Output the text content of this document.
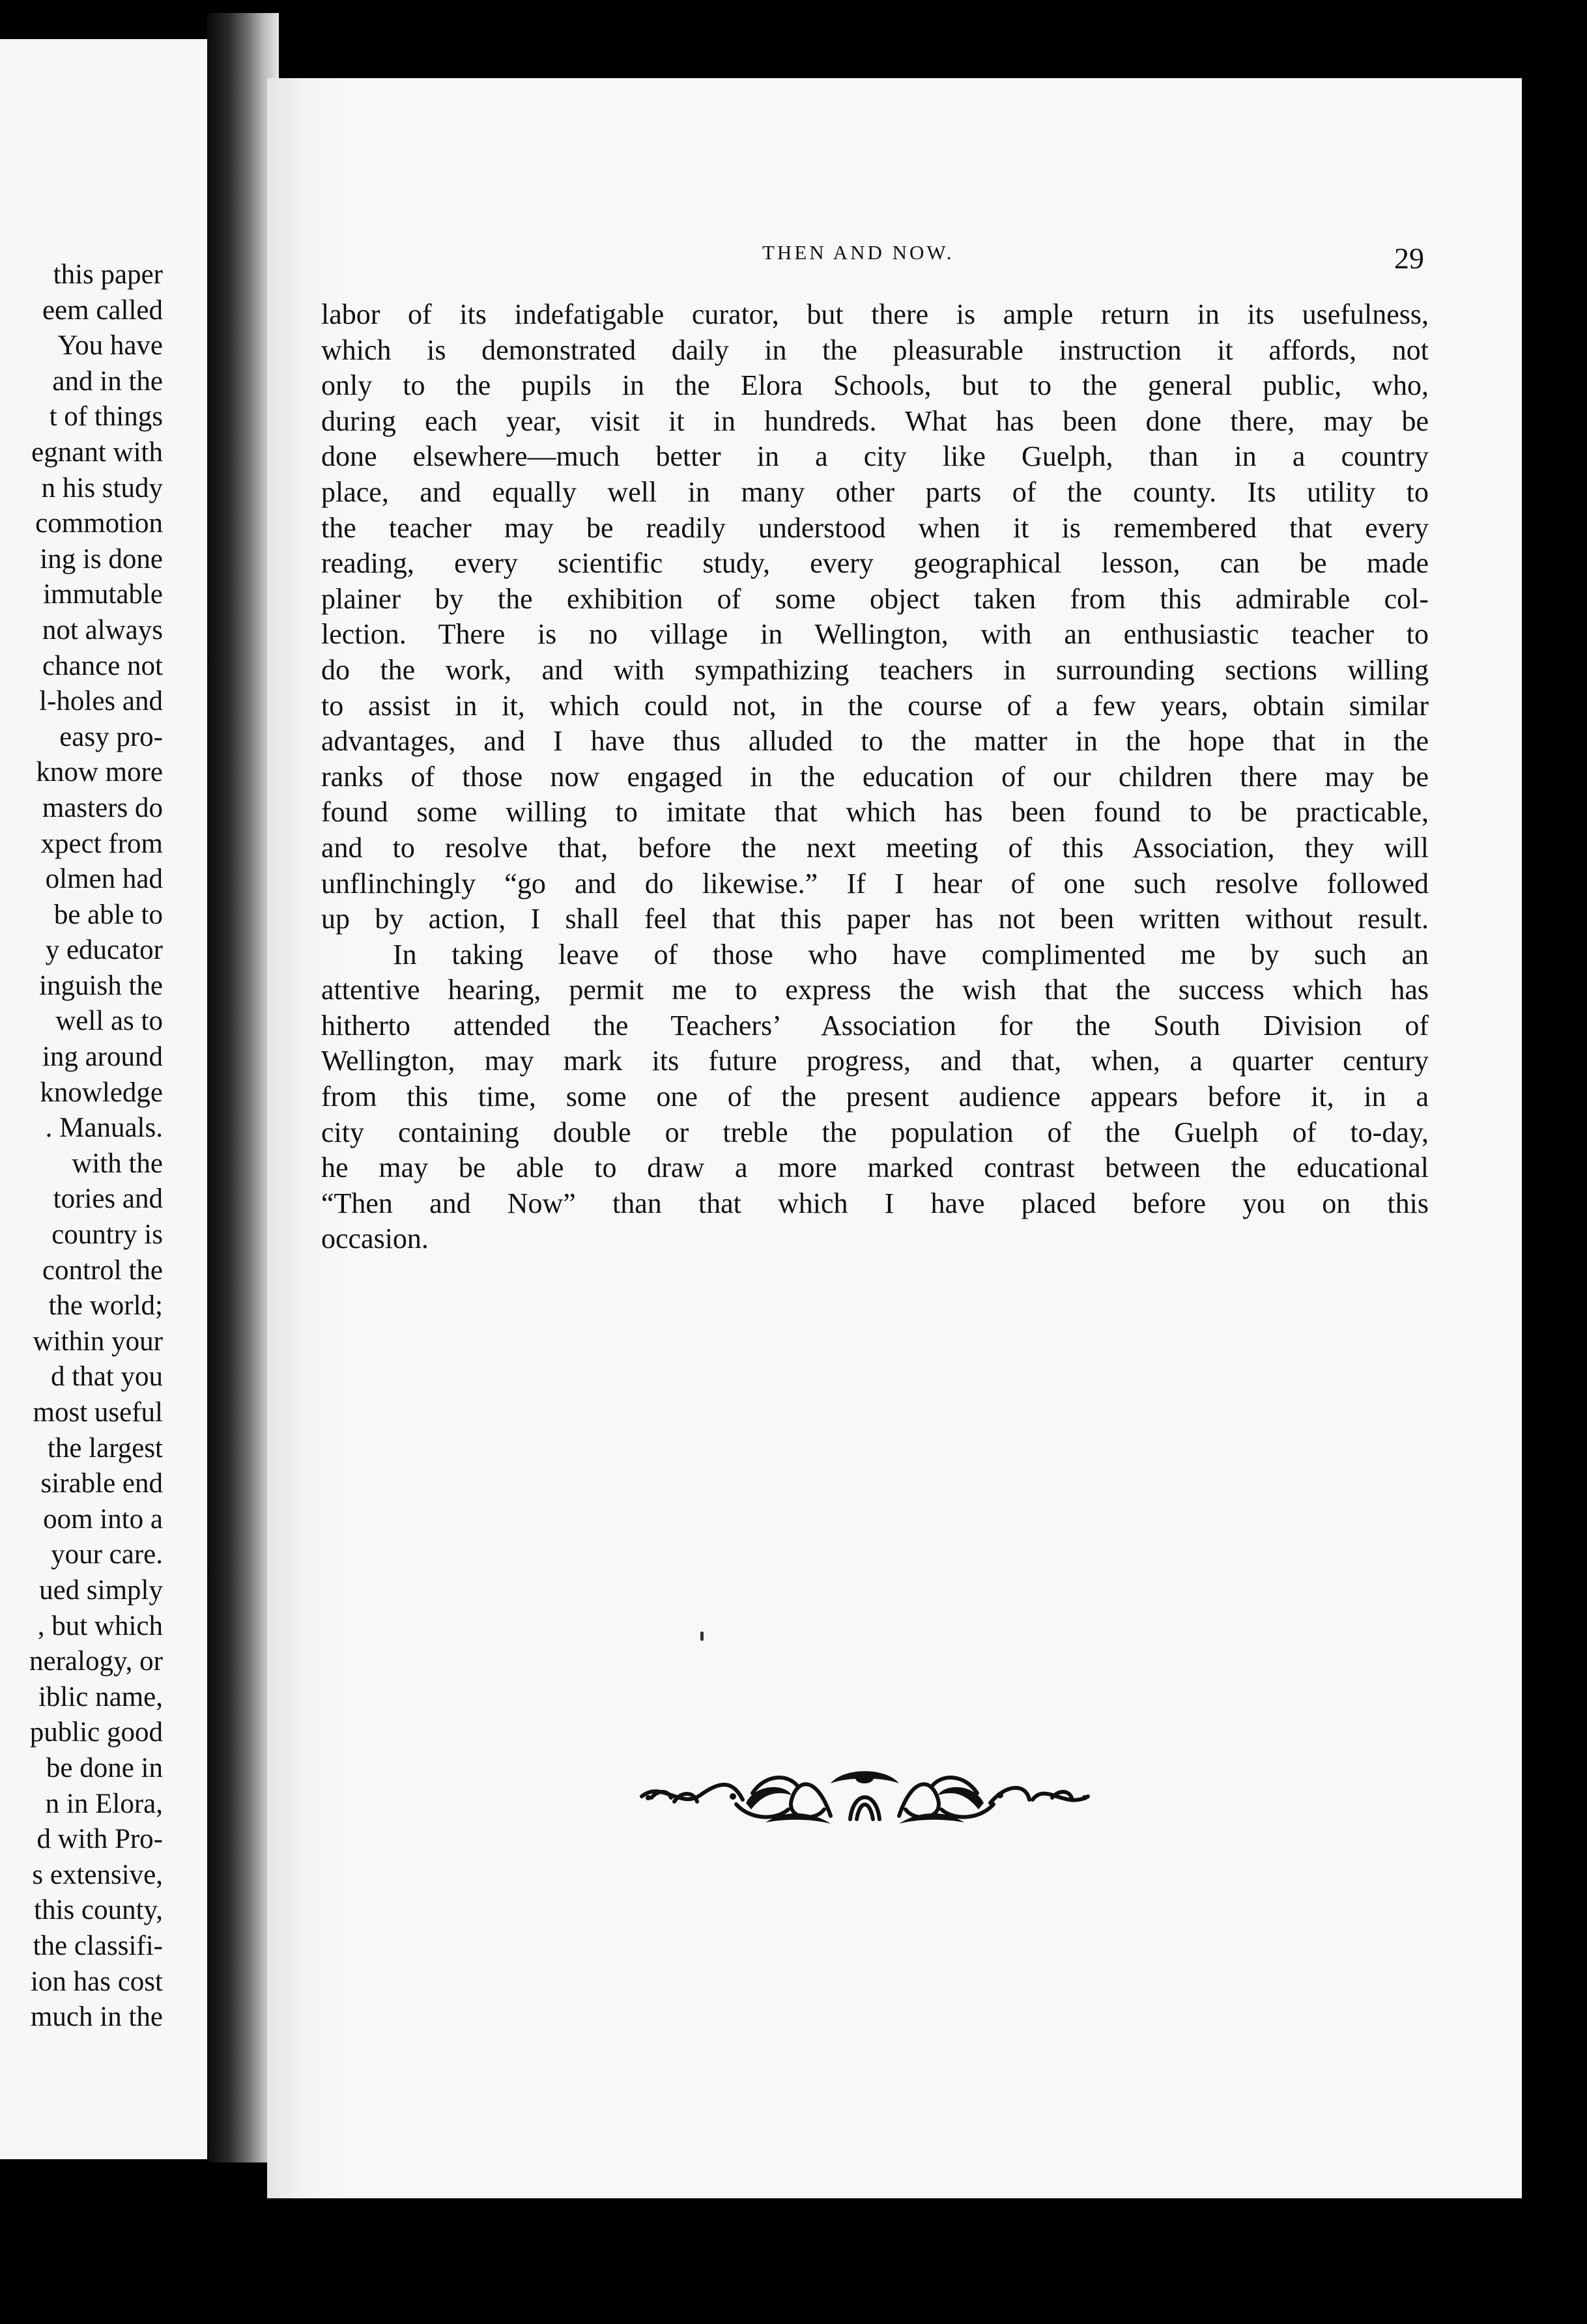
this paper
eem called
You have
and in the
t of things
egnant with
n his study
commotion
ing is done
immutable
not always
chance not
l-holes and
easy pro-
know more
masters do
xpect from
olmen had
be able to
y educator
inguish the
well as to
ing around
knowledge
. Manuals.
with the
tories and
country is
control the
the world;
within your
d that you
most useful
the largest
sirable end
oom into a
your care.
ued simply
, but which
neralogy, or
iblic name,
public good
be done in
n in Elora,
d with Pro-
s extensive,
this county,
the classifi-
ion has cost
much in the
THEN AND NOW.	29
labor of its indefatigable curator, but there is ample return in its usefulness,
which is demonstrated daily in the pleasurable instruction it affords, not
only to the pupils in the Elora Schools, but to the general public, who,
during each year, visit it in hundreds. What has been done there, may be
done elsewhere—much better in a city like Guelph, than in a country
place, and equally well in many other parts of the county. Its utility to
the teacher may be readily understood when it is remembered that every
reading, every scientific study, every geographical lesson, can be made
plainer by the exhibition of some object taken from this admirable col-
lection. There is no village in Wellington, with an enthusiastic teacher to
do the work, and with sympathizing teachers in surrounding sections willing
to assist in it, which could not, in the course of a few years, obtain similar
advantages, and I have thus alluded to the matter in the hope that in the
ranks of those now engaged in the education of our children there may be
found some willing to imitate that which has been found to be practicable,
and to resolve that, before the next meeting of this Association, they will
unflinchingly “go and do likewise.” If I hear of one such resolve followed
up by action, I shall feel that this paper has not been written without result.
In taking leave of those who have complimented me by such an
attentive hearing, permit me to express the wish that the success which has
hitherto attended the Teachers’ Association for the South Division of
Wellington, may mark its future progress, and that, when, a quarter century
from this time, some one of the present audience appears before it, in a
city containing double or treble the population of the Guelph of to-day,
he may be able to draw a more marked contrast between the educational
“Then and Now” than that which I have placed before you on this
occasion.
